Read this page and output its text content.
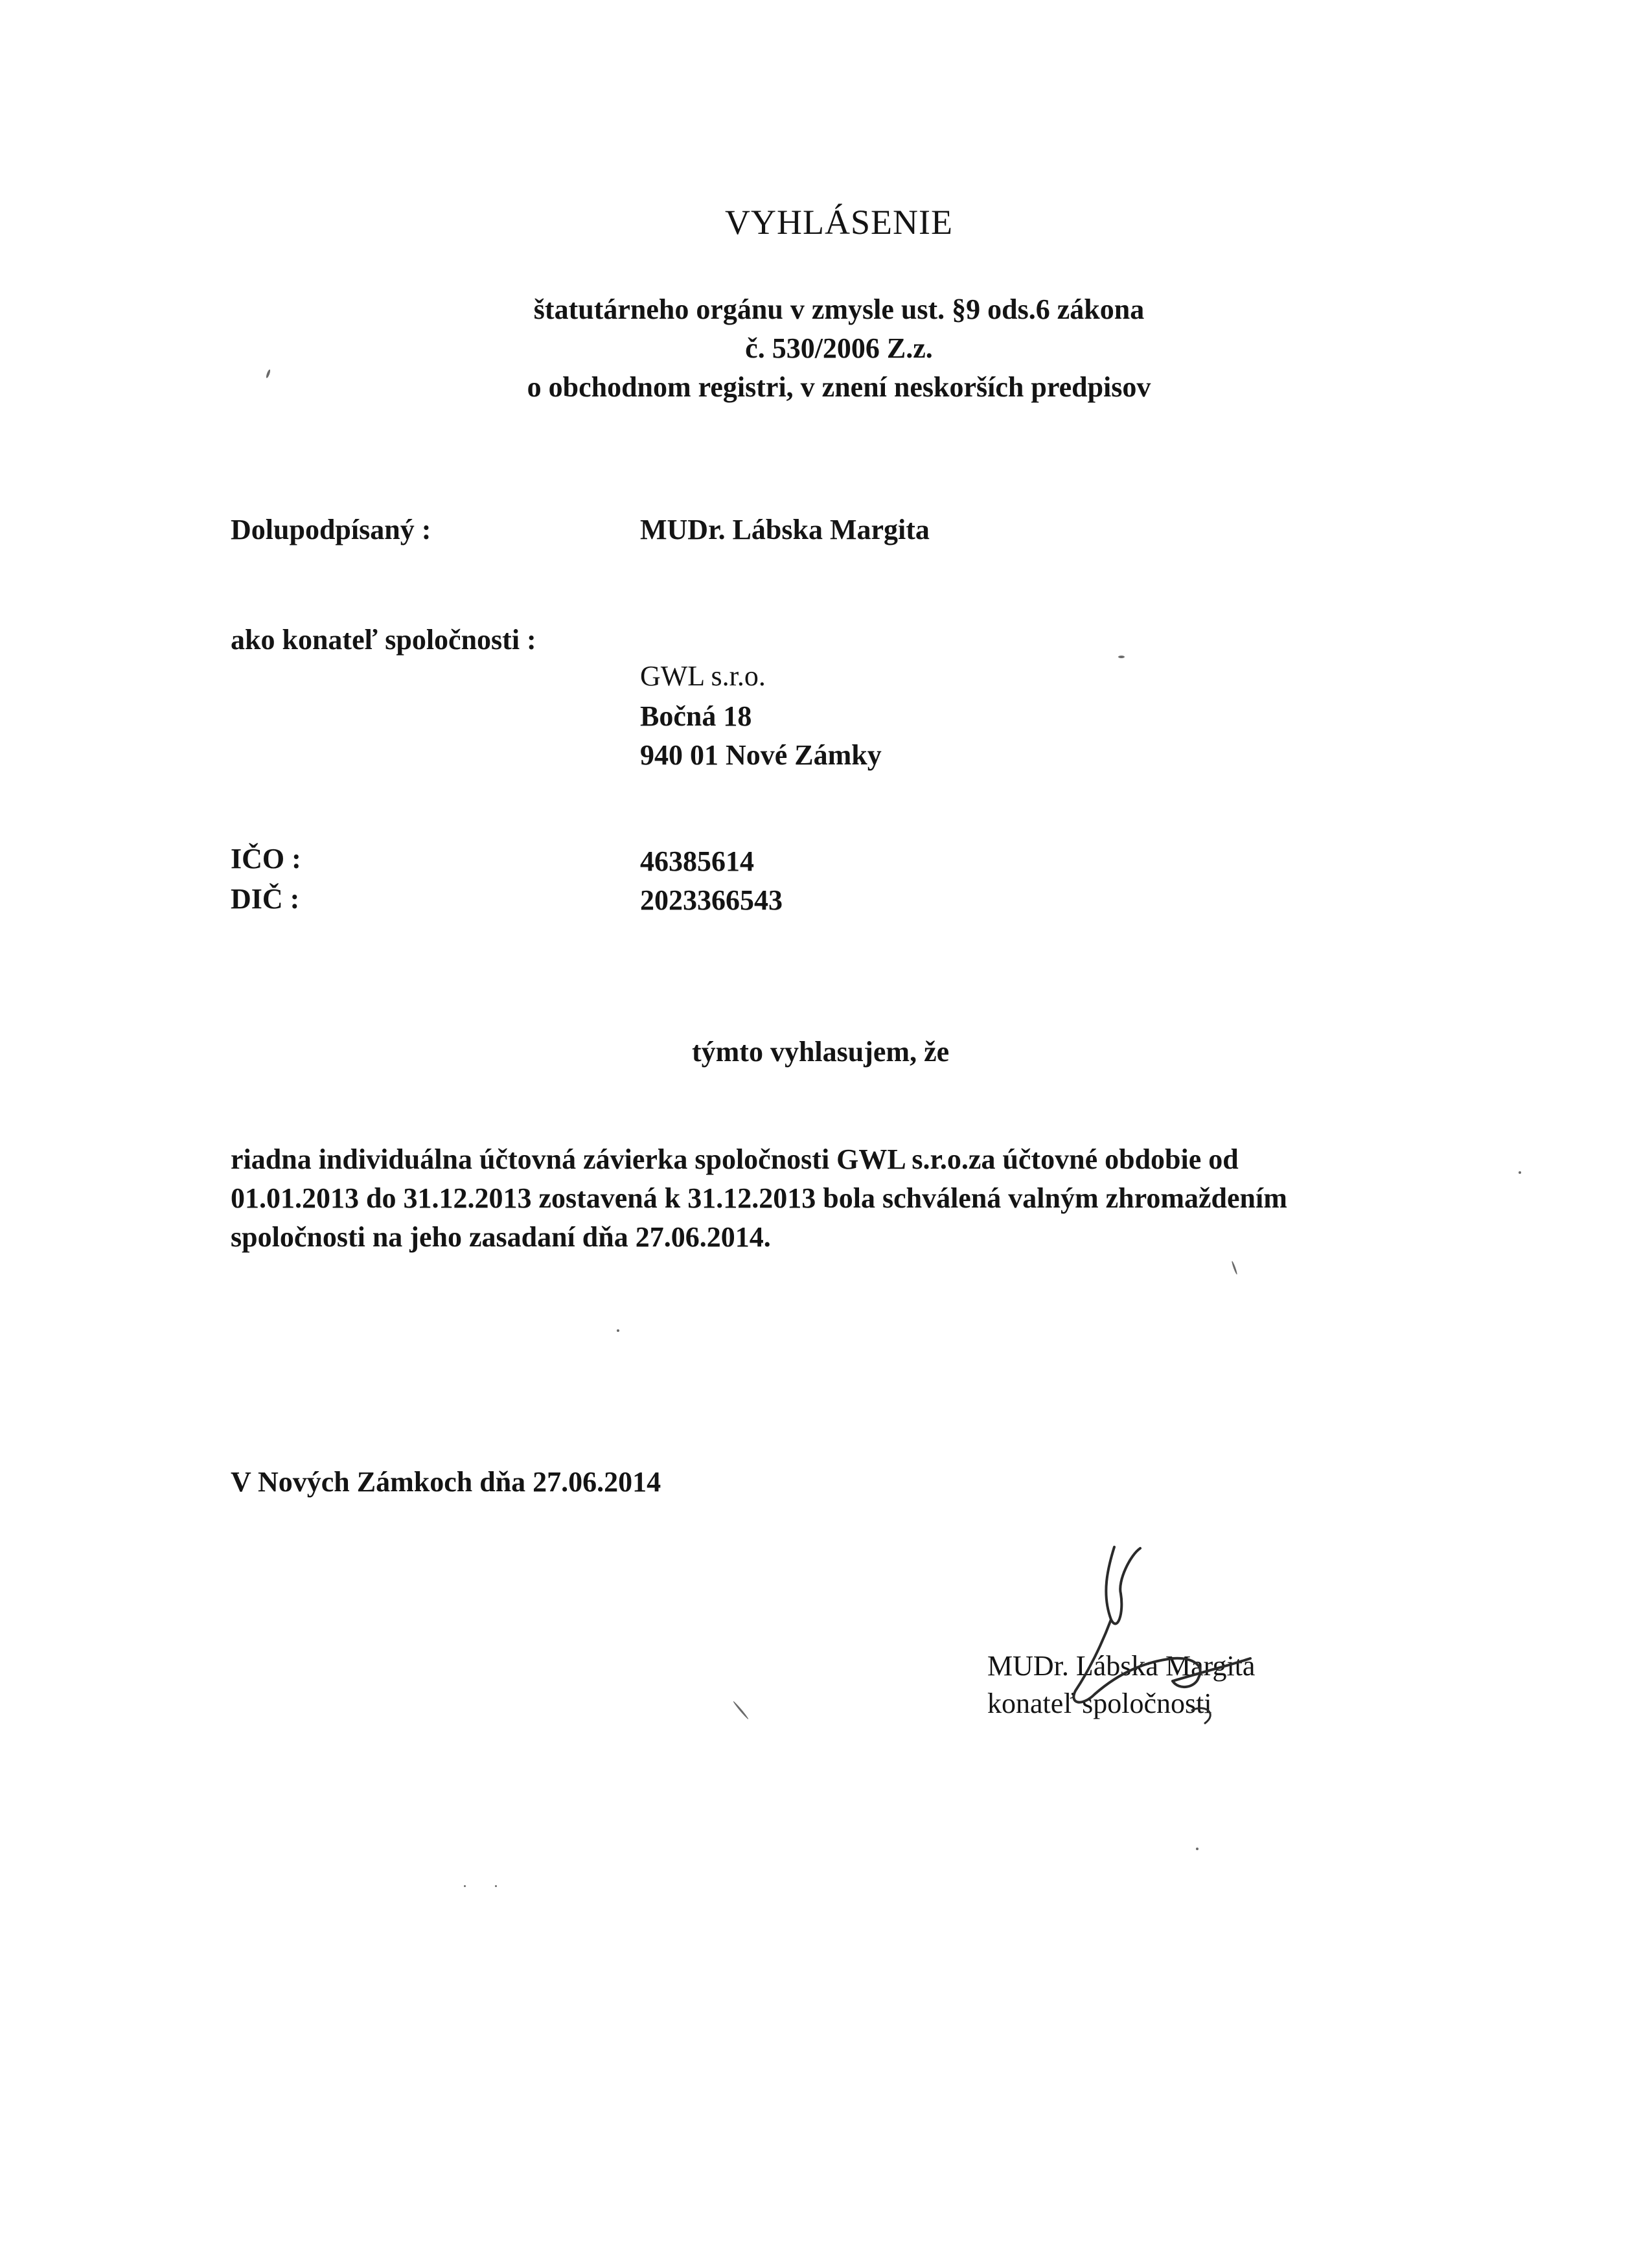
VYHLÁSENIE
štatutárneho orgánu v zmysle ust. §9 ods.6 zákona
č. 530/2006 Z.z.
o obchodnom registri, v znení neskorších predpisov
Dolupodpísaný :	MUDr. Lábska Margita
ako konateľ spoločnosti :
GWL s.r.o.
Bočná 18
940 01 Nové Zámky
IČO :	46385614
DIČ :	2023366543
týmto vyhlasujem, že
riadna individuálna účtovná závierka spoločnosti GWL s.r.o.za účtovné obdobie od
01.01.2013 do 31.12.2013 zostavená k 31.12.2013 bola schválená valným zhromaždením
spoločnosti na jeho zasadaní dňa 27.06.2014.
V Nových Zámkoch dňa 27.06.2014
MUDr. Lábska Margita
konateľ spoločnosti
